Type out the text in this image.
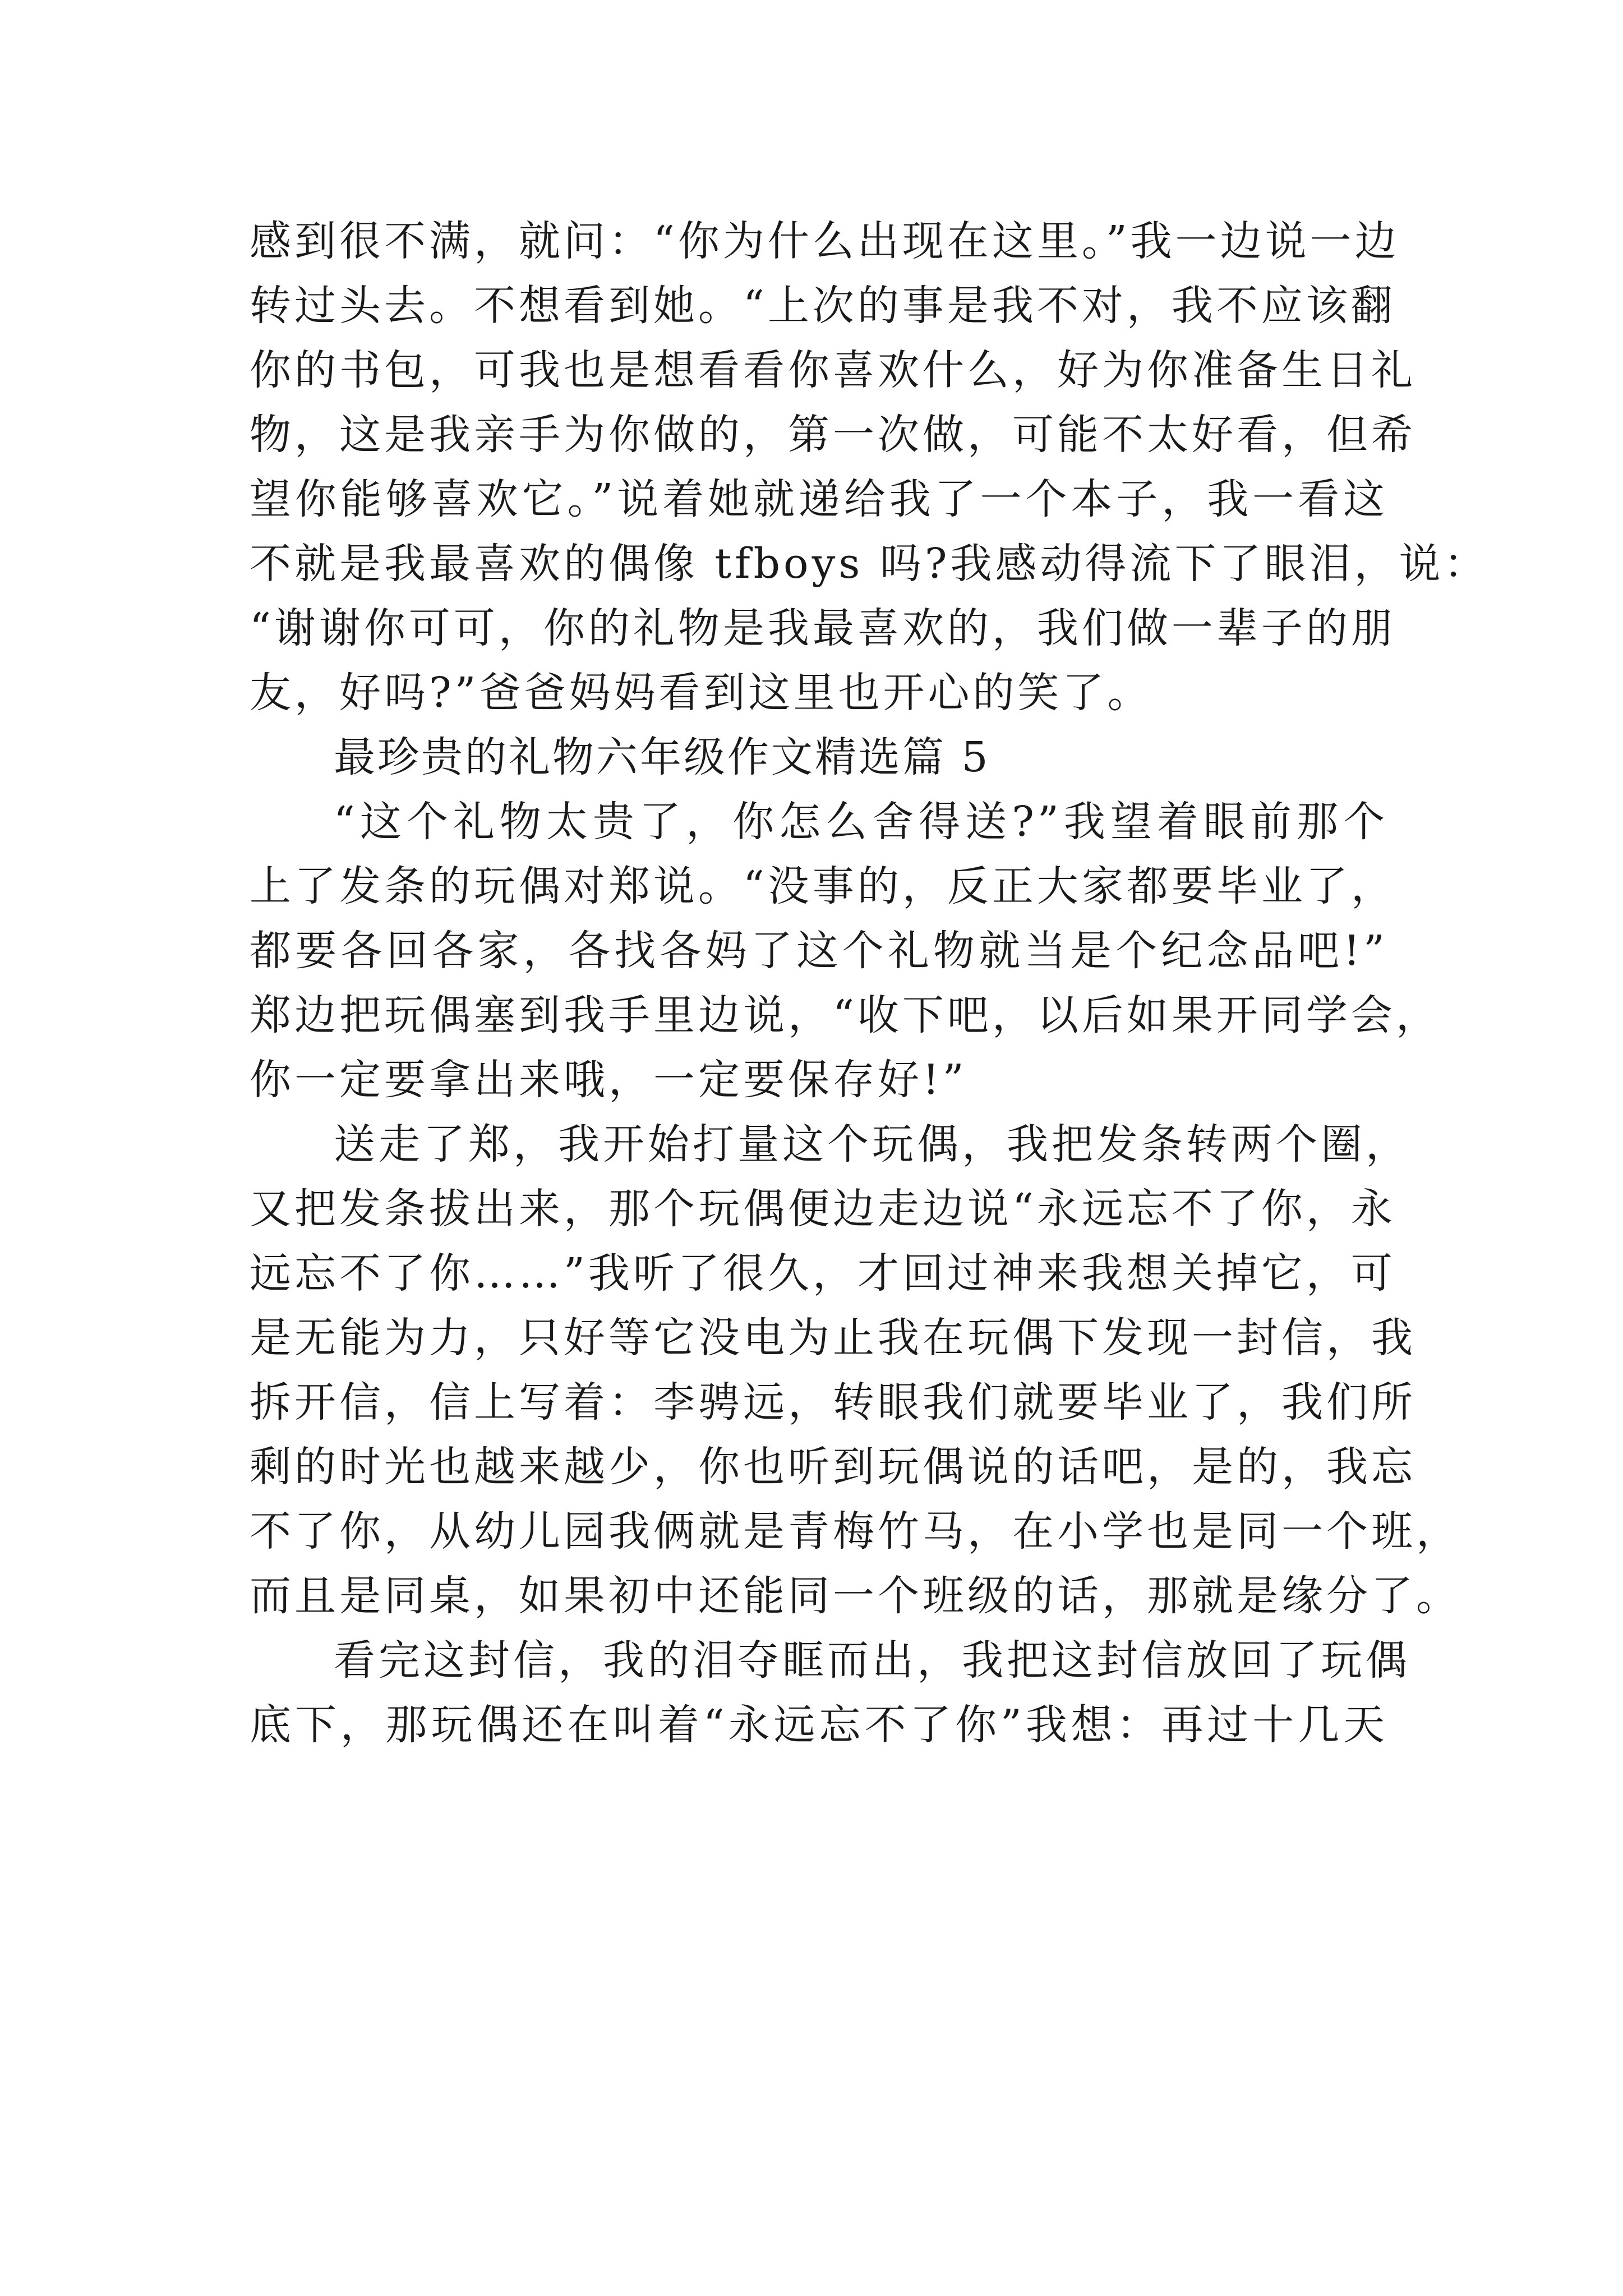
感到很不满，就问：“你为什么出现在这里。”我一边说一边
转过头去。不想看到她。“上次的事是我不对，我不应该翻
你的书包，可我也是想看看你喜欢什么，好为你准备生日礼
物，这是我亲手为你做的，第一次做，可能不太好看，但希
望你能够喜欢它。”说着她就递给我了一个本子，我一看这
不就是我最喜欢的偶像 tfboys 吗?我感动得流下了眼泪，说：
“谢谢你可可，你的礼物是我最喜欢的，我们做一辈子的朋
友，好吗?”爸爸妈妈看到这里也开心的笑了。
最珍贵的礼物六年级作文精选篇 5
“这个礼物太贵了，你怎么舍得送?”我望着眼前那个
上了发条的玩偶对郑说。“没事的，反正大家都要毕业了，
都要各回各家，各找各妈了这个礼物就当是个纪念品吧!”
郑边把玩偶塞到我手里边说，“收下吧，以后如果开同学会，
你一定要拿出来哦，一定要保存好!”
送走了郑，我开始打量这个玩偶，我把发条转两个圈，
又把发条拔出来，那个玩偶便边走边说“永远忘不了你，永
远忘不了你……”我听了很久，才回过神来我想关掉它，可
是无能为力，只好等它没电为止我在玩偶下发现一封信，我
拆开信，信上写着：李骋远，转眼我们就要毕业了，我们所
剩的时光也越来越少，你也听到玩偶说的话吧，是的，我忘
不了你，从幼儿园我俩就是青梅竹马，在小学也是同一个班，
而且是同桌，如果初中还能同一个班级的话，那就是缘分了。
看完这封信，我的泪夺眶而出，我把这封信放回了玩偶
底下，那玩偶还在叫着“永远忘不了你”我想：再过十几天
